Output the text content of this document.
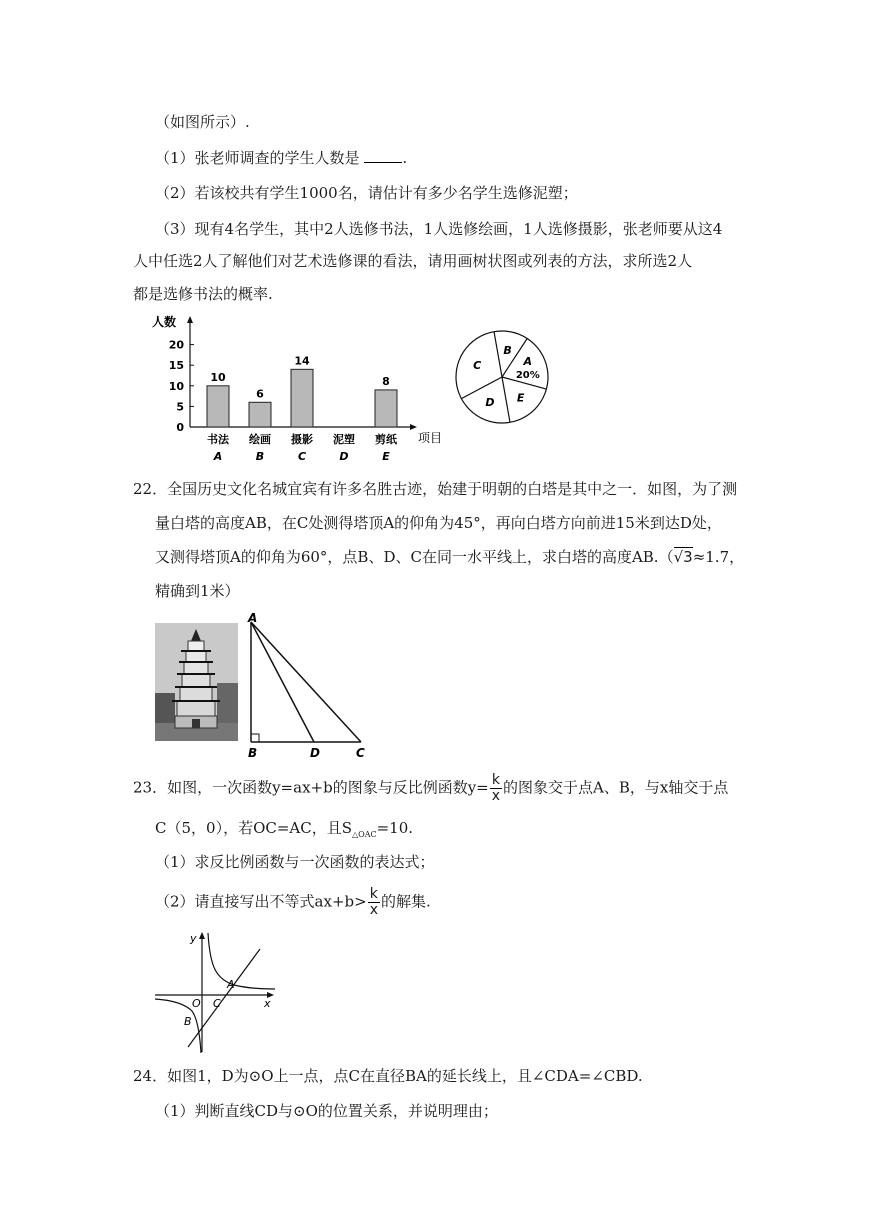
（如图所示）.
（1）张老师调查的学生人数是	.
（2）若该校共有学生1000名，请估计有多少名学生选修泥塑；
（3）现有4名学生，其中2人选修书法，1人选修绘画，1人选修摄影，张老师要从这4
人中任选2人了解他们对艺术选修课的看法，请用画树状图或列表的方法，求所选2人
都是选修书法的概率.
人数
项目
0
5
10
15
20
10
书法
A
6
绘画
B
14
摄影
C
泥塑
D
8
剪纸
E
B
A
E
D
C
20%
22．全国历史文化名城宜宾有许多名胜古迹，始建于明朝的白塔是其中之一．如图，为了测
量白塔的高度AB，在C处测得塔顶A的仰角为45°，再向白塔方向前进15米到达D处，
又测得塔顶A的仰角为60°，点B、D、C在同一水平线上，求白塔的高度AB.（√3≈1.7，
精确到1米）
A
B	D	C
23．如图，一次函数y=ax+b的图象与反比例函数$y= \frac{k}{x}$ 的图象交于点A、B，与x轴交于点
C（5，0），若OC=AC，且$S_{\triangle OAC}=10$.
（1）求反比例函数与一次函数的表达式；
（2）请直接写出不等式$ax+b> \frac{k}{x}$ 的解集.
y
x
O
A
C
B
24．如图1，D为⊙O上一点，点C在直径BA的延长线上，且∠CDA=∠CBD.
（1）判断直线CD与⊙O的位置关系，并说明理由；
